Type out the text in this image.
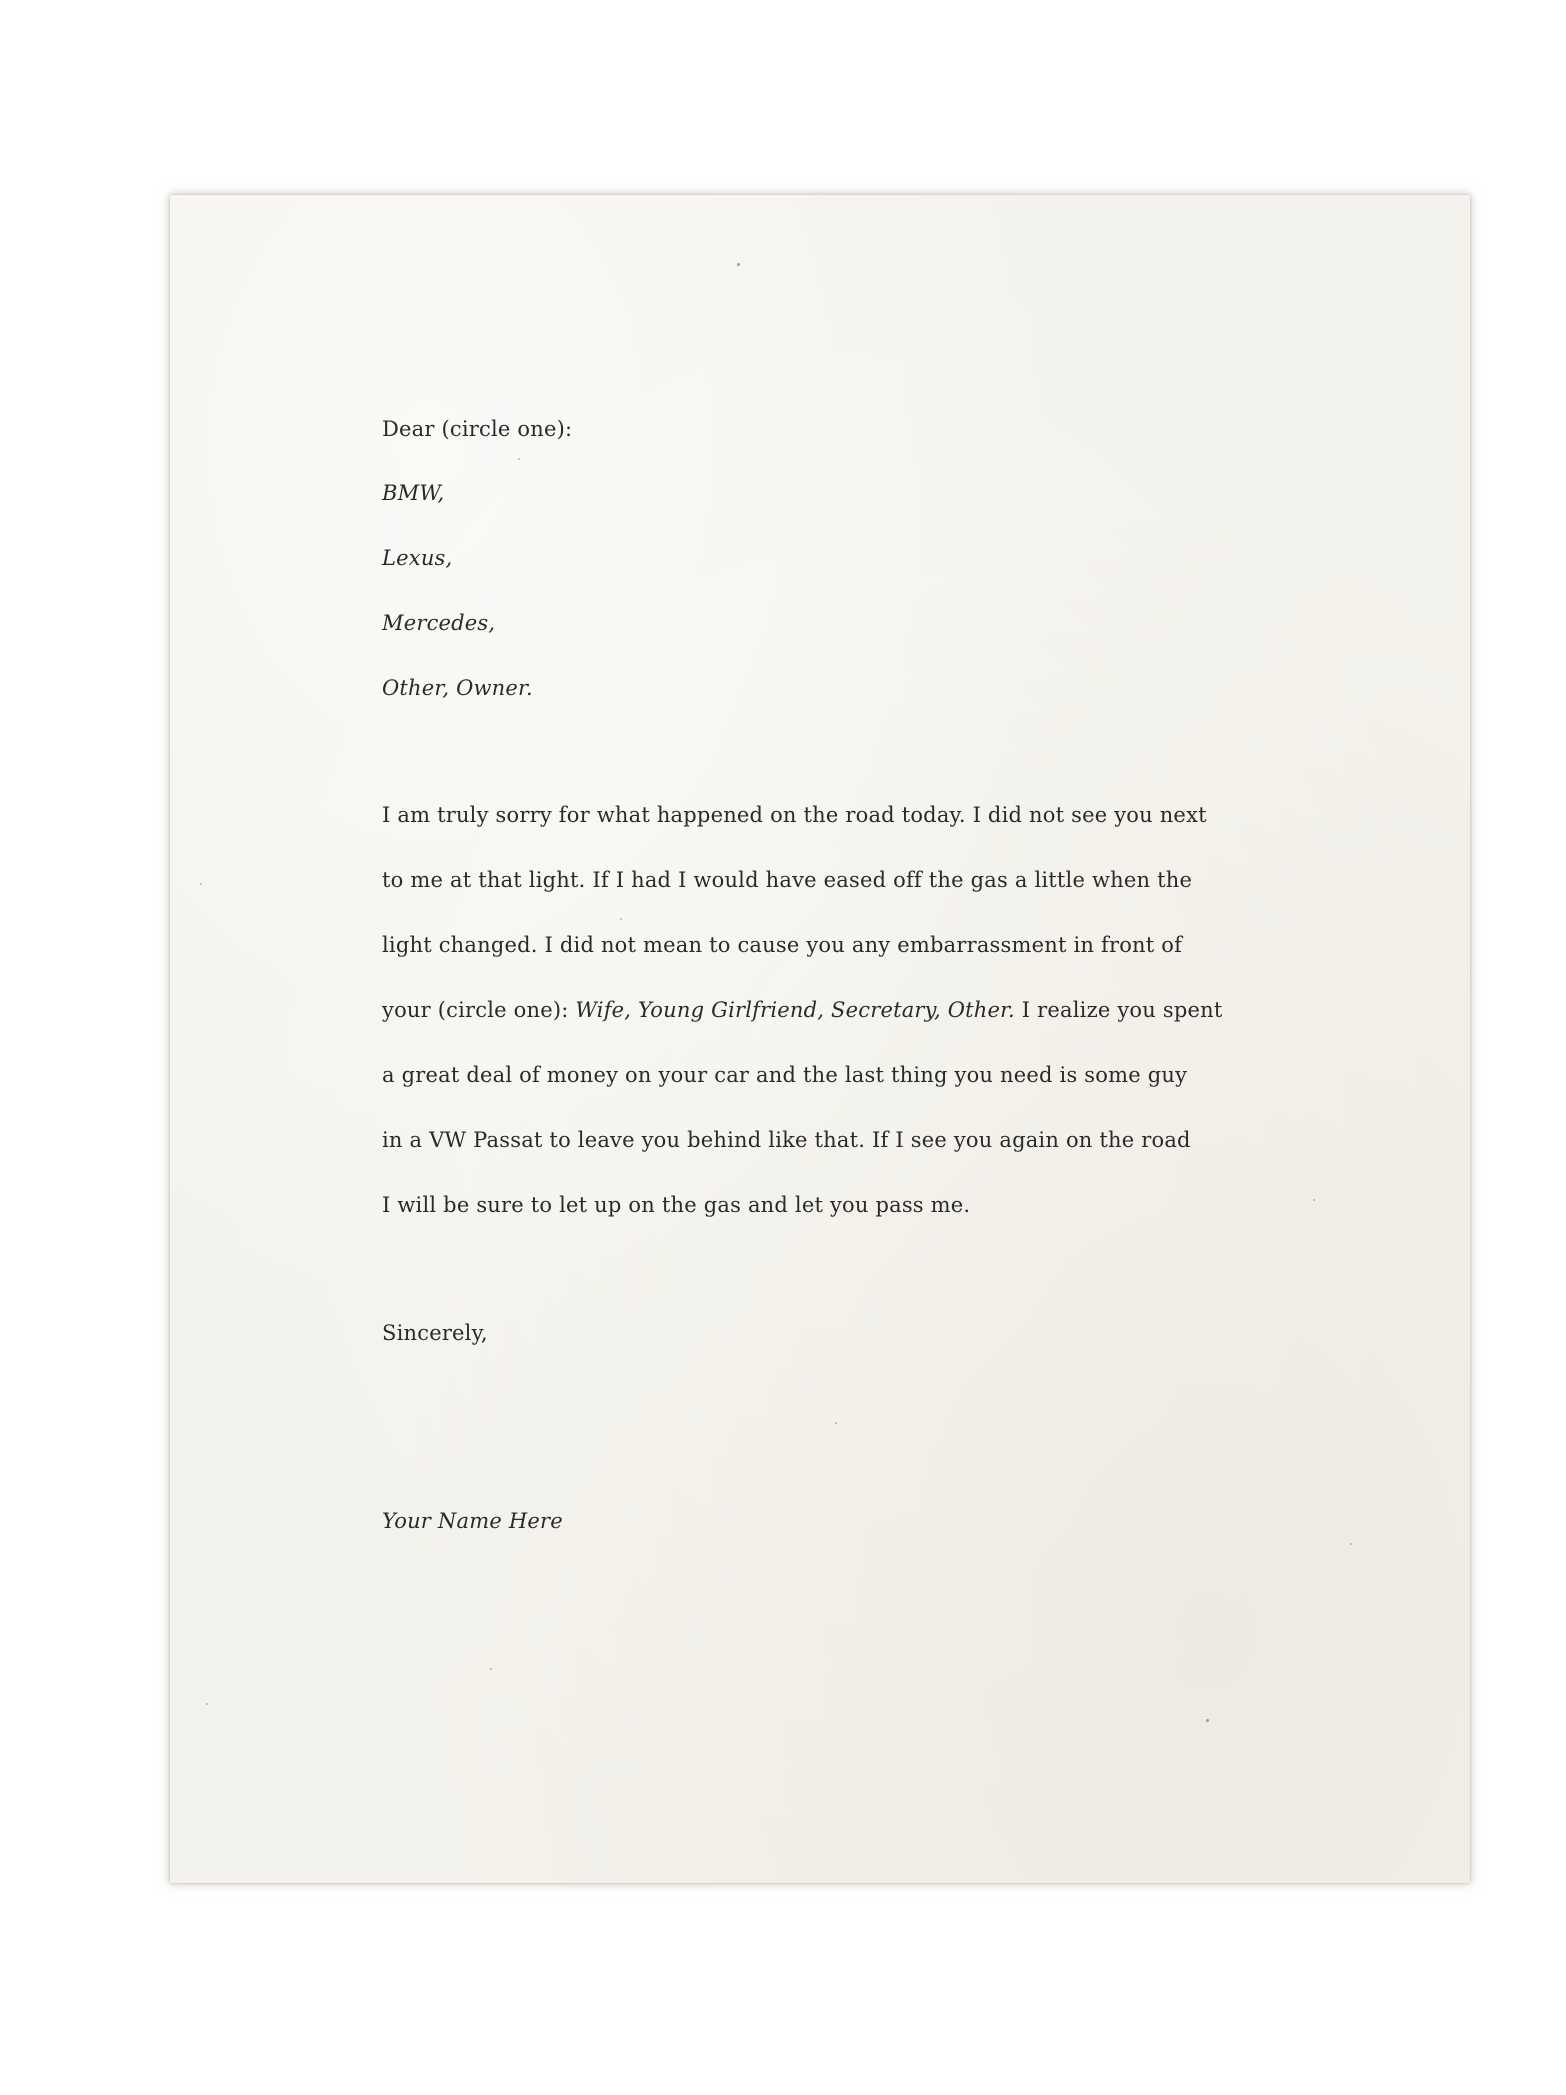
Dear (circle one):
BMW,
Lexus,
Mercedes,
Other, Owner.
I am truly sorry for what happened on the road today. I did not see you next
to me at that light. If I had I would have eased off the gas a little when the
light changed. I did not mean to cause you any embarrassment in front of
your (circle one): Wife, Young Girlfriend, Secretary, Other. I realize you spent
a great deal of money on your car and the last thing you need is some guy
in a VW Passat to leave you behind like that. If I see you again on the road
I will be sure to let up on the gas and let you pass me.
Sincerely,
Your Name Here
